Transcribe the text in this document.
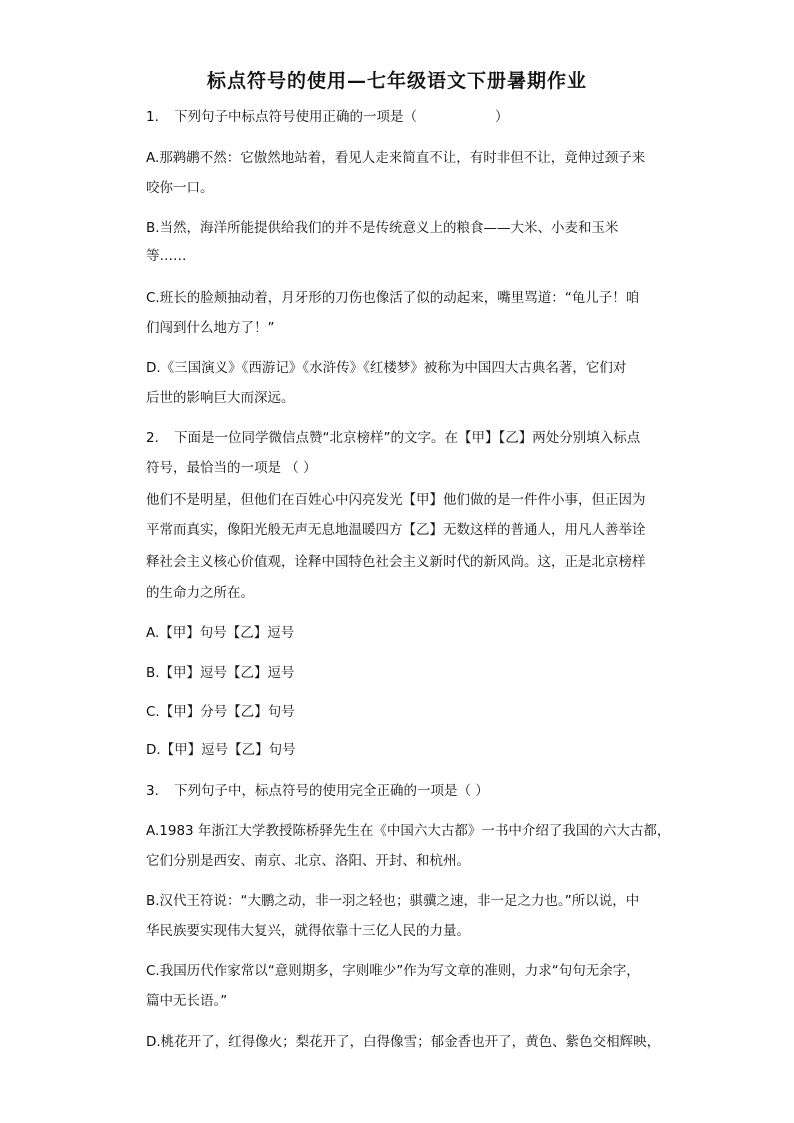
标点符号的使用—七年级语文下册暑期作业
1. 下列句子中标点符号使用正确的一项是（	）
A.那鹈鹕不然：它傲然地站着，看见人走来简直不让，有时非但不让，竟伸过颈子来
咬你一口。
B.当然，海洋所能提供给我们的并不是传统意义上的粮食——大米、小麦和玉米
等……
C.班长的脸颊抽动着，月牙形的刀伤也像活了似的动起来，嘴里骂道：“龟儿子！咱
们闯到什么地方了！”
D.《三国演义》《西游记》《水浒传》《红楼梦》被称为中国四大古典名著，它们对
后世的影响巨大而深远。
2. 下面是一位同学微信点赞“北京榜样”的文字。在【甲】【乙】两处分别填入标点
符号，最恰当的一项是 （ ）
他们不是明星，但他们在百姓心中闪亮发光【甲】他们做的是一件件小事，但正因为
平常而真实，像阳光般无声无息地温暖四方【乙】无数这样的普通人，用凡人善举诠
释社会主义核心价值观，诠释中国特色社会主义新时代的新风尚。这，正是北京榜样
的生命力之所在。
A.【甲】句号【乙】逗号
B.【甲】逗号【乙】逗号
C.【甲】分号【乙】句号
D.【甲】逗号【乙】句号
3. 下列句子中，标点符号的使用完全正确的一项是（ ）
A.1983 年浙江大学教授陈桥驿先生在《中国六大古都》一书中介绍了我国的六大古都，
它们分别是西安、南京、北京、洛阳、开封、和杭州。
B.汉代王符说：“大鹏之动，非一羽之轻也；骐骥之速，非一足之力也。”所以说，中
华民族要实现伟大复兴，就得依靠十三亿人民的力量。
C.我国历代作家常以“意则期多，字则唯少”作为写文章的准则，力求“句句无余字，
篇中无长语。”
D.桃花开了，红得像火；梨花开了，白得像雪；郁金香也开了，黄色、紫色交相辉映，
